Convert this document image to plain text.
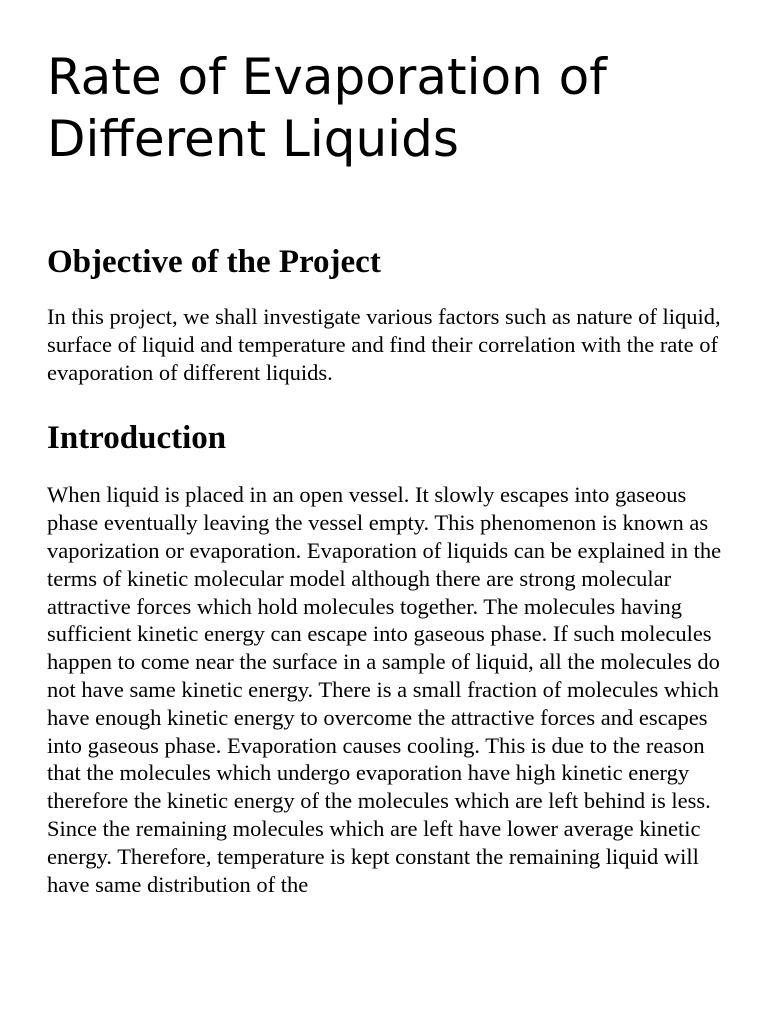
Rate of Evaporation of Different Liquids
Objective of the Project

In this project, we shall investigate various factors such as nature of liquid, surface of liquid and temperature and find their correlation with the rate of evaporation of different liquids.

Introduction

When liquid is placed in an open vessel. It slowly escapes into gaseous phase eventually leaving the vessel empty. This phenomenon is known as vaporization or evaporation. Evaporation of liquids can be explained in the terms of kinetic molecular model although there are strong molecular attractive forces which hold molecules together. The molecules having sufficient kinetic energy can escape into gaseous phase. If such molecules happen to come near the surface in a sample of liquid, all the molecules do not have same kinetic energy. There is a small fraction of molecules which have enough kinetic energy to overcome the attractive forces and escapes into gaseous phase. Evaporation causes cooling. This is due to the reason that the molecules which undergo evaporation have high kinetic energy therefore the kinetic energy of the molecules which are left behind is less. Since the remaining molecules which are left have lower average kinetic energy. Therefore, temperature is kept constant the remaining liquid will have same distribution of the
